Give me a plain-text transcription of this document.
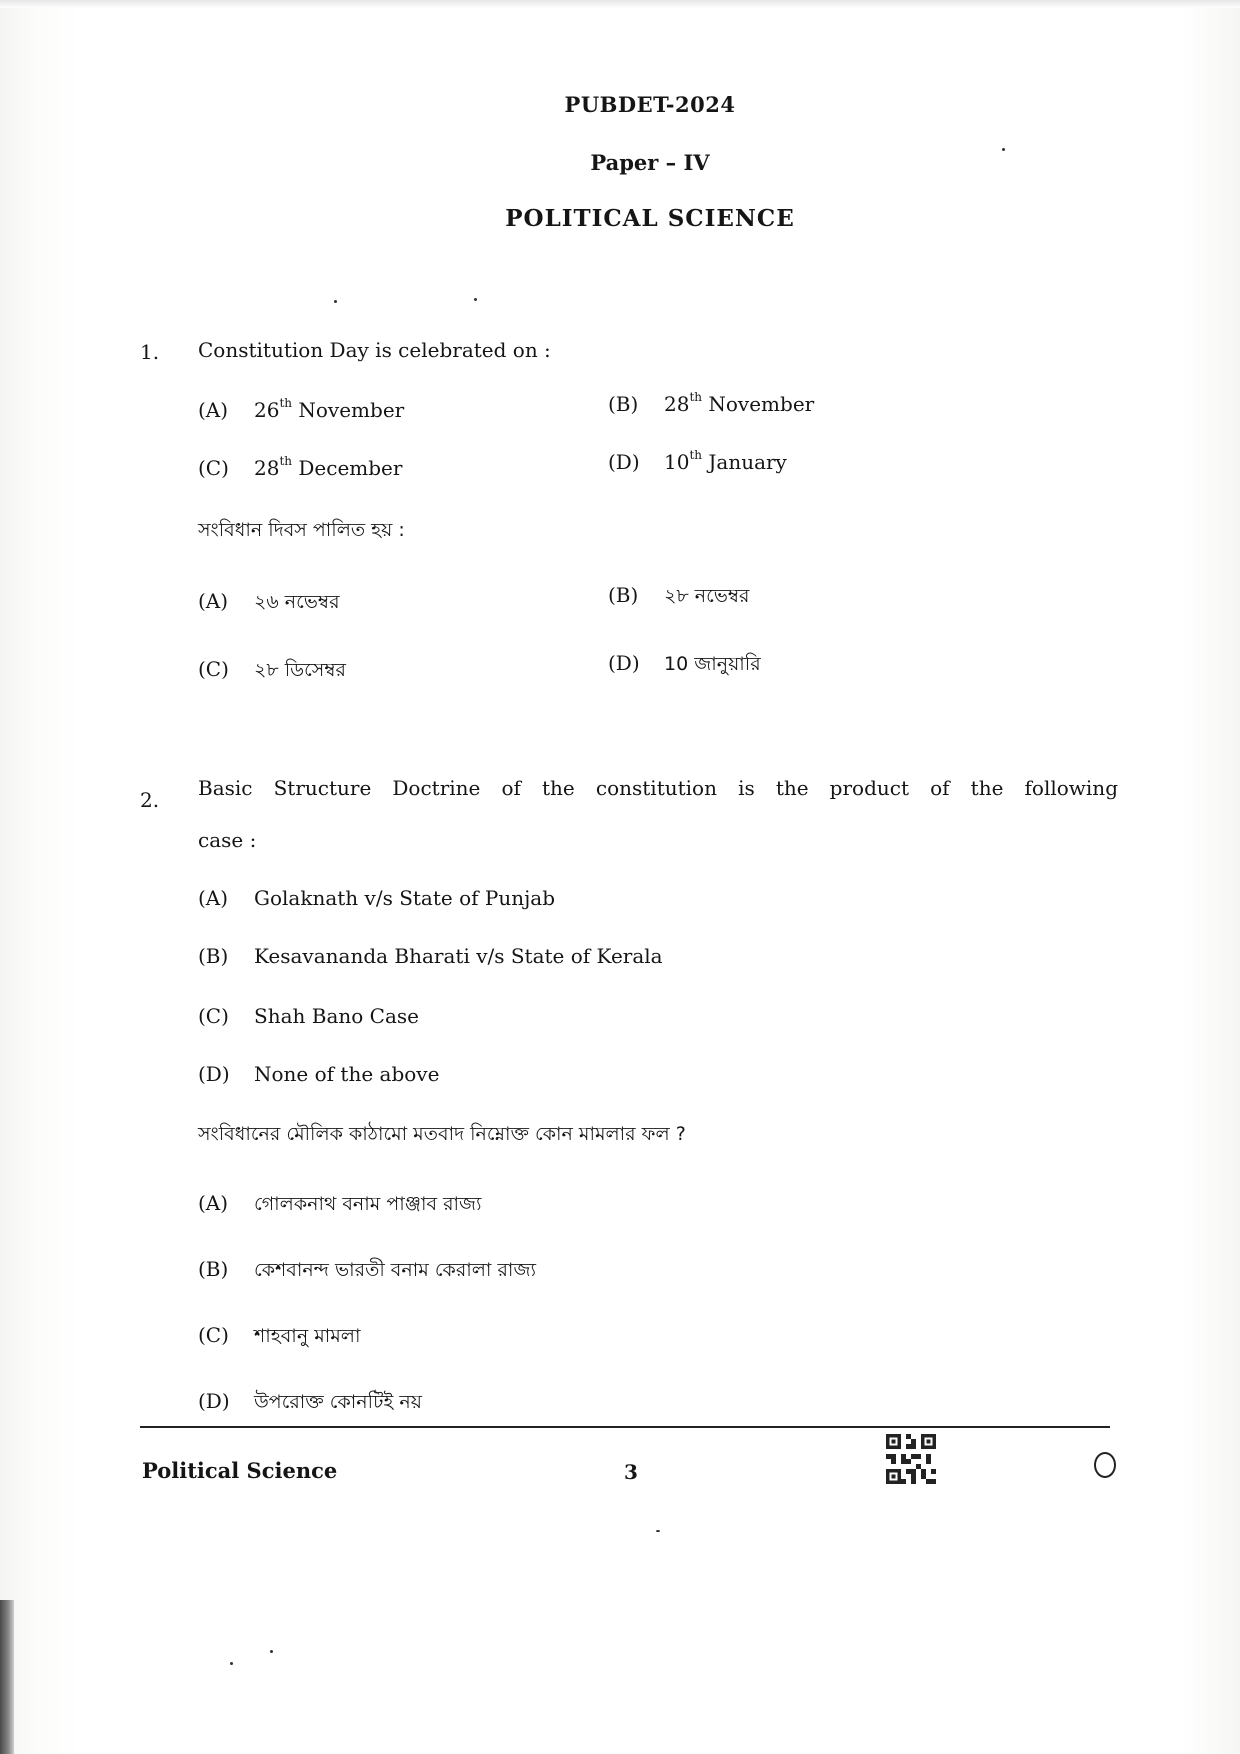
PUBDET-2024
Paper – IV
POLITICAL SCIENCE
1. Constitution Day is celebrated on :
(A) 26th November	(B) 28th November
(C) 28th December	(D) 10th January
সংবিধান দিবস পালিত হয় :
(A) ২৬ নভেম্বর	(B) ২৮ নভেম্বর
(C) ২৮ ডিসেম্বর	(D) 10 জানুয়ারি
2. Basic Structure Doctrine of the constitution is the product of the following
case :
(A) Golaknath v/s State of Punjab
(B) Kesavananda Bharati v/s State of Kerala
(C) Shah Bano Case
(D) None of the above
সংবিধানের মৌলিক কাঠামো মতবাদ নিম্নোক্ত কোন মামলার ফল ?
(A) গোলকনাথ বনাম পাঞ্জাব রাজ্য
(B) কেশবানন্দ ভারতী বনাম কেরালা রাজ্য
(C) শাহবানু মামলা
(D) উপরোক্ত কোনটিই নয়
Political Science	3
